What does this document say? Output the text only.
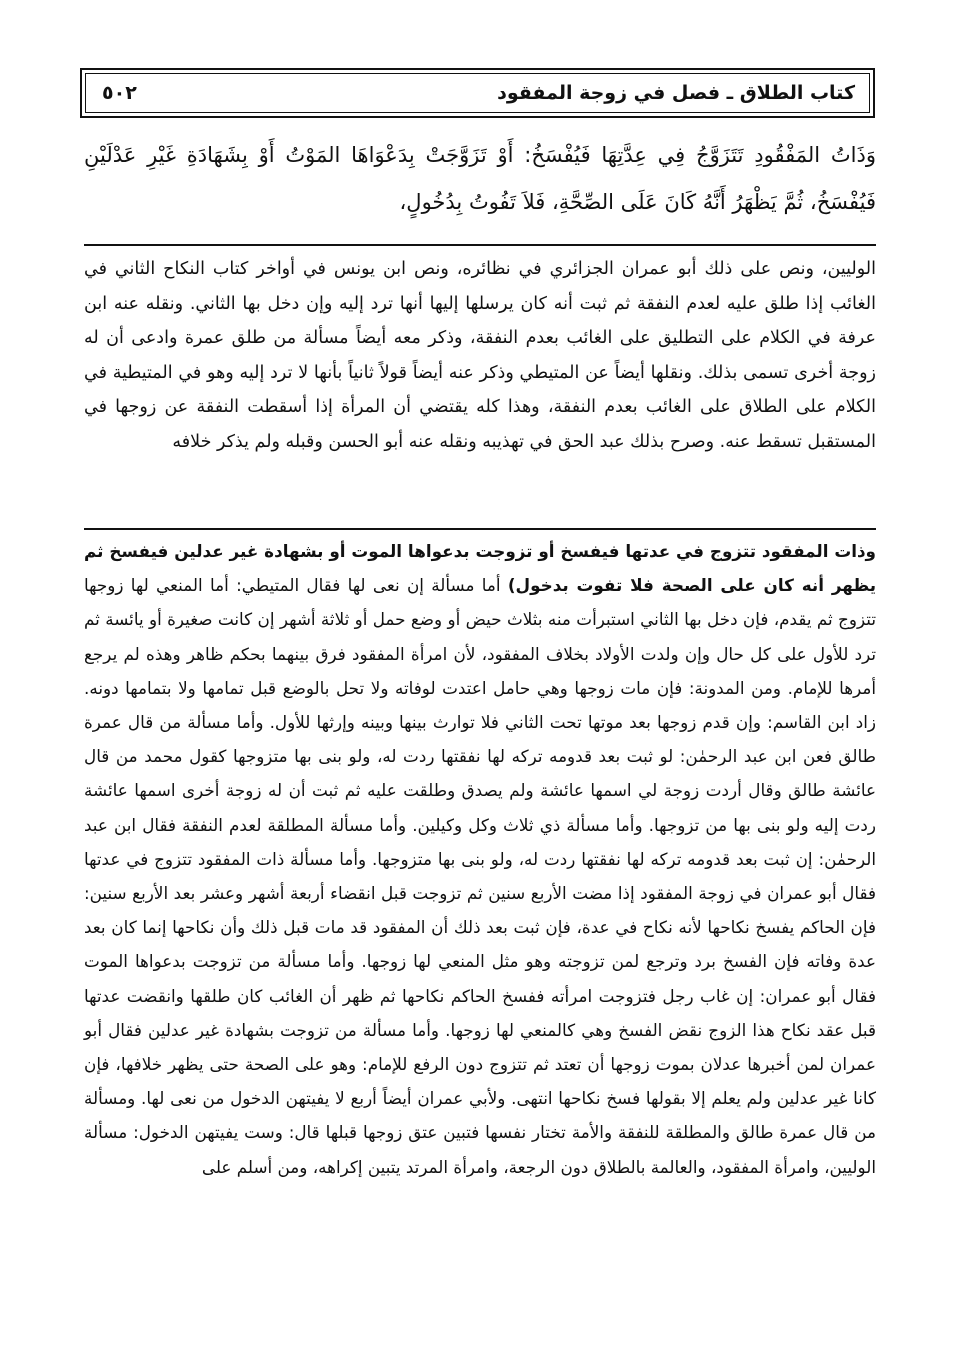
كتاب الطلاق ـ فصل في زوجة المفقود
٥٠٢
وَذَاتُ المَفْقُودِ تَتَزَوَّجُ فِي عِدَّتِهَا فَيُفْسَخُ: أَوْ تَزَوَّجَتْ بِدَعْوَاهَا المَوْتُ أَوْ بِشَهَادَةِ غَيْرِ عَدْلَيْنِ فَيُفْسَخُ، ثُمَّ يَظْهَرُ أَنَّهُ كَانَ عَلَى الصِّحَّةِ، فَلاَ تَفُوتُ بِدُخُولٍ،
الوليين، ونص على ذلك أبو عمران الجزائري في نظائره، ونص ابن يونس في أواخر كتاب النكاح الثاني في الغائب إذا طلق عليه لعدم النفقة ثم ثبت أنه كان يرسلها إليها أنها ترد إليه وإن دخل بها الثاني. ونقله عنه ابن عرفة في الكلام على التطليق على الغائب بعدم النفقة، وذكر معه أيضاً مسألة من طلق عمرة وادعى أن له زوجة أخرى تسمى بذلك. ونقلها أيضاً عن المتيطي وذكر عنه أيضاً قولاً ثانياً بأنها لا ترد إليه وهو في المتيطية في الكلام على الطلاق على الغائب بعدم النفقة، وهذا كله يقتضي أن المرأة إذا أسقطت النفقة عن زوجها في المستقبل تسقط عنه. وصرح بذلك عبد الحق في تهذيبه ونقله عنه أبو الحسن وقبله ولم يذكر خلافه
وذات المفقود تتزوج في عدتها فيفسخ أو تزوجت بدعواها الموت أو بشهادة غير عدلين فيفسخ ثم يظهر أنه كان على الصحة فلا تفوت بدخول) أما مسألة إن نعى لها فقال المتيطي: أما المنعي لها زوجها تتزوج ثم يقدم، فإن دخل بها الثاني استبرأت منه بثلاث حيض أو وضع حمل أو ثلاثة أشهر إن كانت صغيرة أو يائسة ثم ترد للأول على كل حال وإن ولدت الأولاد بخلاف المفقود، لأن امرأة المفقود فرق بينهما بحكم ظاهر وهذه لم يرجع أمرها للإمام. ومن المدونة: فإن مات زوجها وهي حامل اعتدت لوفاته ولا تحل بالوضع قبل تمامها ولا بتمامها دونه. زاد ابن القاسم: وإن قدم زوجها بعد موتها تحت الثاني فلا توارث بينها وبينه وإرثها للأول. وأما مسألة من قال عمرة طالق فعن ابن عبد الرحمٰن: لو ثبت بعد قدومه تركه لها نفقتها ردت له، ولو بنى بها متزوجها كقول محمد من قال عائشة طالق وقال أردت زوجة لي اسمها عائشة ولم يصدق وطلقت عليه ثم ثبت أن له زوجة أخرى اسمها عائشة ردت إليه ولو بنى بها من تزوجها. وأما مسألة ذي ثلاث وكل وكيلين. وأما مسألة المطلقة لعدم النفقة فقال ابن عبد الرحمٰن: إن ثبت بعد قدومه تركه لها نفقتها ردت له، ولو بنى بها متزوجها. وأما مسألة ذات المفقود تتزوج في عدتها فقال أبو عمران في زوجة المفقود إذا مضت الأربع سنين ثم تزوجت قبل انقضاء أربعة أشهر وعشر بعد الأربع سنين: فإن الحاكم يفسخ نكاحها لأنه نكاح في عدة، فإن ثبت بعد ذلك أن المفقود قد مات قبل ذلك وأن نكاحها إنما كان بعد عدة وفاته فإن الفسخ برد وترجع لمن تزوجته وهو مثل المنعي لها زوجها. وأما مسألة من تزوجت بدعواها الموت فقال أبو عمران: إن غاب رجل فتزوجت امرأته ففسخ الحاكم نكاحها ثم ظهر أن الغائب كان طلقها وانقضت عدتها قبل عقد نكاح هذا الزوج نقض الفسخ وهي كالمنعي لها زوجها. وأما مسألة من تزوجت بشهادة غير عدلين فقال أبو عمران لمن أخبرها عدلان بموت زوجها أن تعتد ثم تتزوج دون الرفع للإمام: وهو على الصحة حتى يظهر خلافها، فإن كانا غير عدلين ولم يعلم إلا بقولها فسخ نكاحها انتهى. ولأبي عمران أيضاً أربع لا يفيتهن الدخول من نعى لها. ومسألة من قال عمرة طالق والمطلقة للنفقة والأمة تختار نفسها فتبين عتق زوجها قبلها قال: وست يفيتهن الدخول: مسألة الوليين، وامرأة المفقود، والعالمة بالطلاق دون الرجعة، وامرأة المرتد يتبين إكراهه، ومن أسلم على
